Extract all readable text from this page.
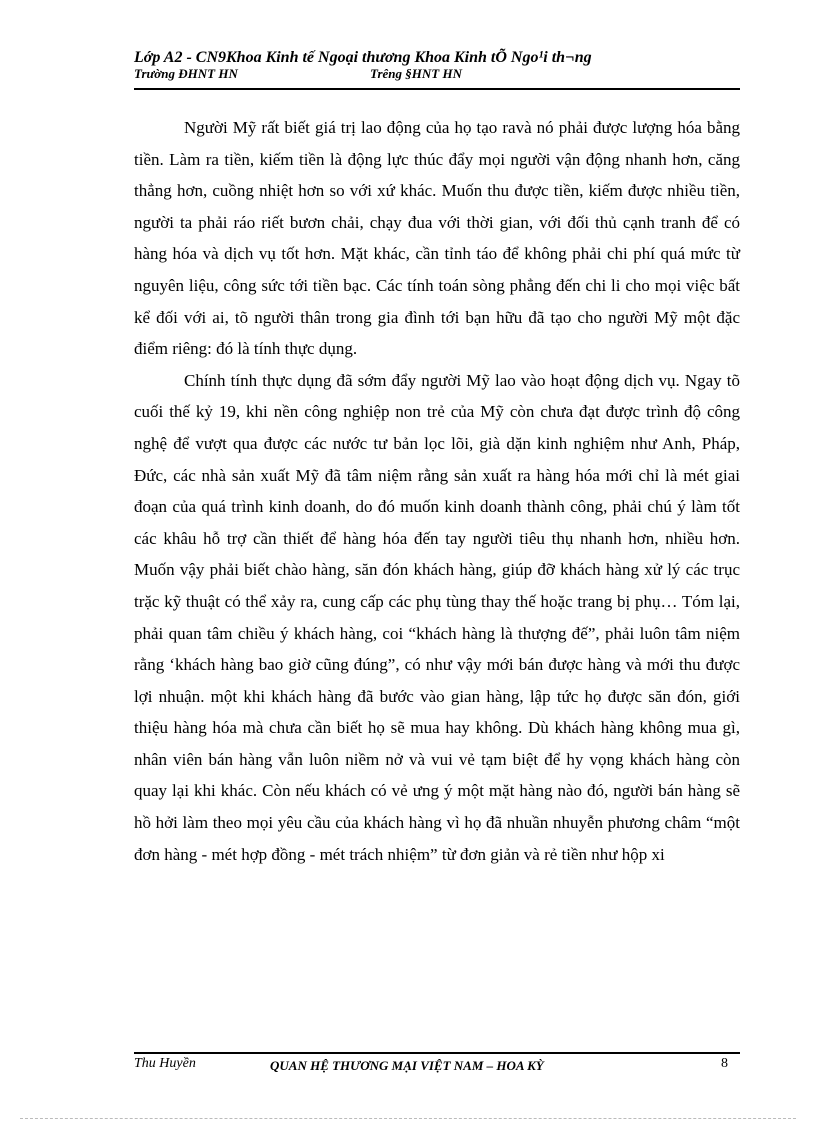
Lớp A2 - CN9Khoa Kinh tế Ngoại thương Khoa Kinh tÕ Ngo¹i th¬ng
Trường ĐHNT HN	Trêng §HNT HN

Người Mỹ rất biết giá trị lao động của họ tạo ravà nó phải được lượng hóa bằng tiền. Làm ra tiền, kiếm tiền là động lực thúc đẩy mọi người vận động nhanh hơn, căng thẳng hơn, cuồng nhiệt hơn so với xứ khác. Muốn thu được tiền, kiếm được nhiều tiền, người ta phải ráo riết bươn chải, chạy đua với thời gian, với đối thủ cạnh tranh để có hàng hóa và dịch vụ tốt hơn. Mặt khác, cần tỉnh táo để không phải chi phí quá mức từ nguyên liệu, công sức tới tiền bạc. Các tính toán sòng phẳng đến chi li cho mọi việc bất kể đối với ai, tõ người thân trong gia đình tới bạn hữu đã tạo cho người Mỹ một đặc điểm riêng: đó là tính thực dụng.

Chính tính thực dụng đã sớm đẩy người Mỹ lao vào hoạt động dịch vụ. Ngay tõ cuối thế kỷ 19, khi nền công nghiệp non trẻ của Mỹ còn chưa đạt được trình độ công nghệ để vượt qua được các nước tư bản lọc lõi, già dặn kinh nghiệm như Anh, Pháp, Đức, các nhà sản xuất Mỹ đã tâm niệm rằng sản xuất ra hàng hóa mới chỉ là mét giai đoạn của quá trình kinh doanh, do đó muốn kinh doanh thành công, phải chú ý làm tốt các khâu hỗ trợ cần thiết để hàng hóa đến tay người tiêu thụ nhanh hơn, nhiều hơn. Muốn vậy phải biết chào hàng, săn đón khách hàng, giúp đỡ khách hàng xử lý các trục trặc kỹ thuật có thể xảy ra, cung cấp các phụ tùng thay thế hoặc trang bị phụ… Tóm lại, phải quan tâm chiều ý khách hàng, coi “khách hàng là thượng đế”, phải luôn tâm niệm rằng ‘khách hàng bao giờ cũng đúng”, có như vậy mới bán được hàng và mới thu được lợi nhuận. một khi khách hàng đã bước vào gian hàng, lập tức họ được săn đón, giới thiệu hàng hóa mà chưa cần biết họ sẽ mua hay không. Dù khách hàng không mua gì, nhân viên bán hàng vẫn luôn niềm nở và vui vẻ tạm biệt để hy vọng khách hàng còn quay lại khi khác. Còn nếu khách có vẻ ưng ý một mặt hàng nào đó, người bán hàng sẽ hồ hởi làm theo mọi yêu cầu của khách hàng vì họ đã nhuần nhuyễn phương châm “một đơn hàng - mét hợp đồng - mét trách nhiệm” từ đơn giản và rẻ tiền như hộp xi

Thu Huyền	QUAN HỆ THƯƠNG MẠI VIỆT NAM – HOA KỲ	8
